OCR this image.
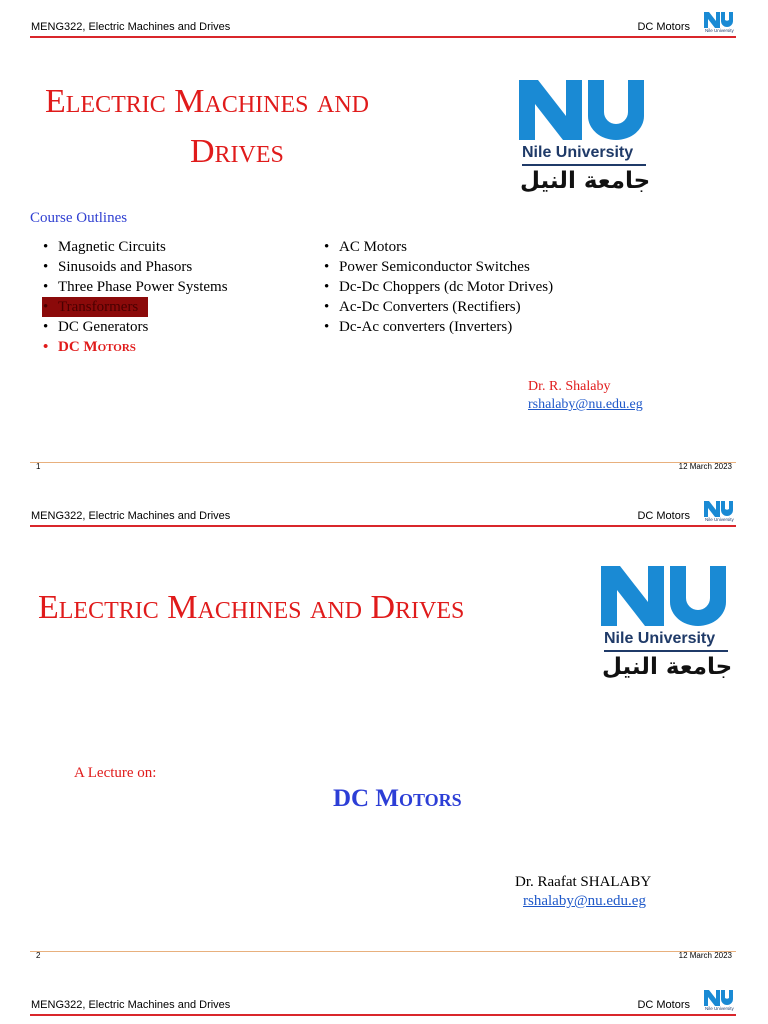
MENG322, Electric Machines and Drives	DC Motors	Nile University
Electric Machines and
Drives	Nile University
جامعة النيل
Course Outlines
• Magnetic Circuits
• Sinusoids and Phasors
• Three Phase Power Systems
• Transformers
• DC Generators
• DC Motors
• AC Motors
• Power Semiconductor Switches
• Dc-Dc Choppers (dc Motor Drives)
• Ac-Dc Converters (Rectifiers)
• Dc-Ac converters (Inverters)
Dr. R. Shalaby
rshalaby@nu.edu.eg
1	12 March 2023
MENG322, Electric Machines and Drives	DC Motors	Nile University
Electric Machines and Drives
Nile University
جامعة النيل
A Lecture on:
DC Motors
Dr. Raafat SHALABY
rshalaby@nu.edu.eg
2	12 March 2023
MENG322, Electric Machines and Drives	DC Motors	Nile University
